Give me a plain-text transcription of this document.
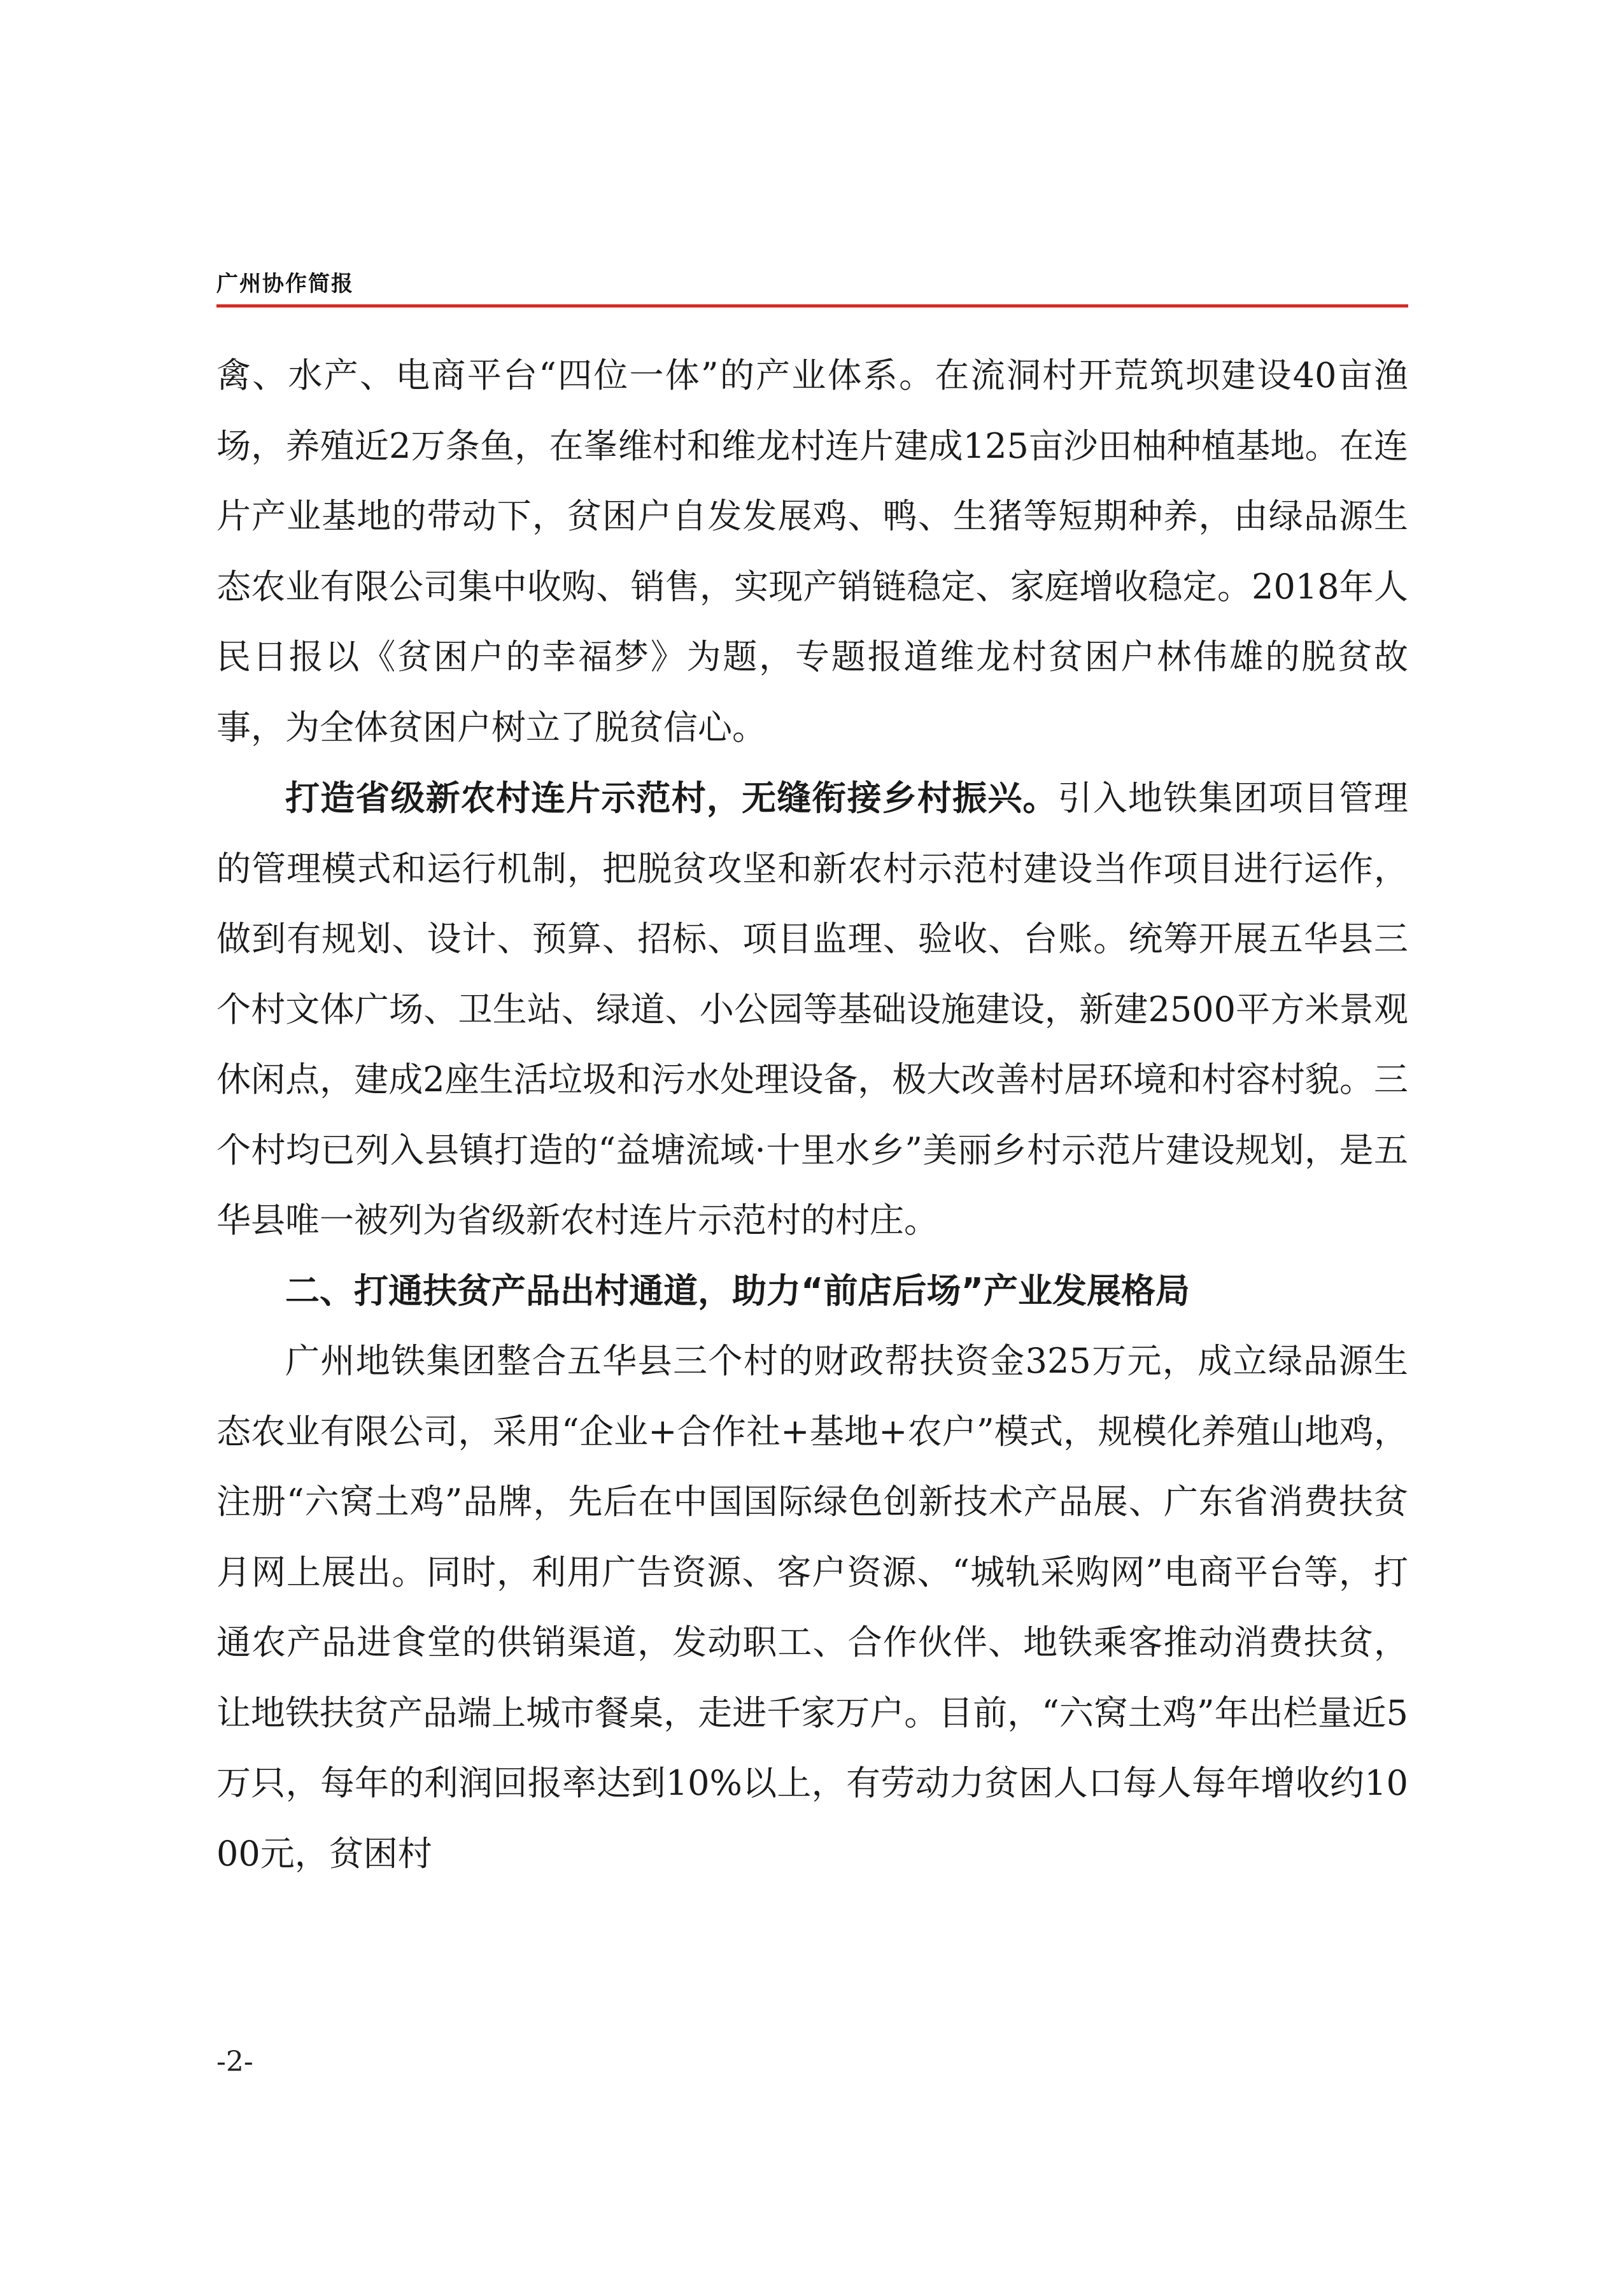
广州协作简报

禽、水产、电商平台“四位一体”的产业体系。在流洞村开荒筑坝建设40亩渔场，养殖近2万条鱼，在峯维村和维龙村连片建成125亩沙田柚种植基地。在连片产业基地的带动下，贫困户自发发展鸡、鸭、生猪等短期种养，由绿品源生态农业有限公司集中收购、销售，实现产销链稳定、家庭增收稳定。2018年人民日报以《贫困户的幸福梦》为题，专题报道维龙村贫困户林伟雄的脱贫故事，为全体贫困户树立了脱贫信心。

打造省级新农村连片示范村，无缝衔接乡村振兴。引入地铁集团项目管理的管理模式和运行机制，把脱贫攻坚和新农村示范村建设当作项目进行运作，做到有规划、设计、预算、招标、项目监理、验收、台账。统筹开展五华县三个村文体广场、卫生站、绿道、小公园等基础设施建设，新建2500平方米景观休闲点，建成2座生活垃圾和污水处理设备，极大改善村居环境和村容村貌。三个村均已列入县镇打造的“益塘流域·十里水乡”美丽乡村示范片建设规划，是五华县唯一被列为省级新农村连片示范村的村庄。

二、打通扶贫产品出村通道，助力“前店后场”产业发展格局

广州地铁集团整合五华县三个村的财政帮扶资金325万元，成立绿品源生态农业有限公司，采用“企业+合作社+基地+农户”模式，规模化养殖山地鸡，注册“六窝土鸡”品牌，先后在中国国际绿色创新技术产品展、广东省消费扶贫月网上展出。同时，利用广告资源、客户资源、“城轨采购网”电商平台等，打通农产品进食堂的供销渠道，发动职工、合作伙伴、地铁乘客推动消费扶贫，让地铁扶贫产品端上城市餐桌，走进千家万户。目前，“六窝土鸡”年出栏量近5万只，每年的利润回报率达到10%以上，有劳动力贫困人口每人每年增收约1000元，贫困村

-2-
